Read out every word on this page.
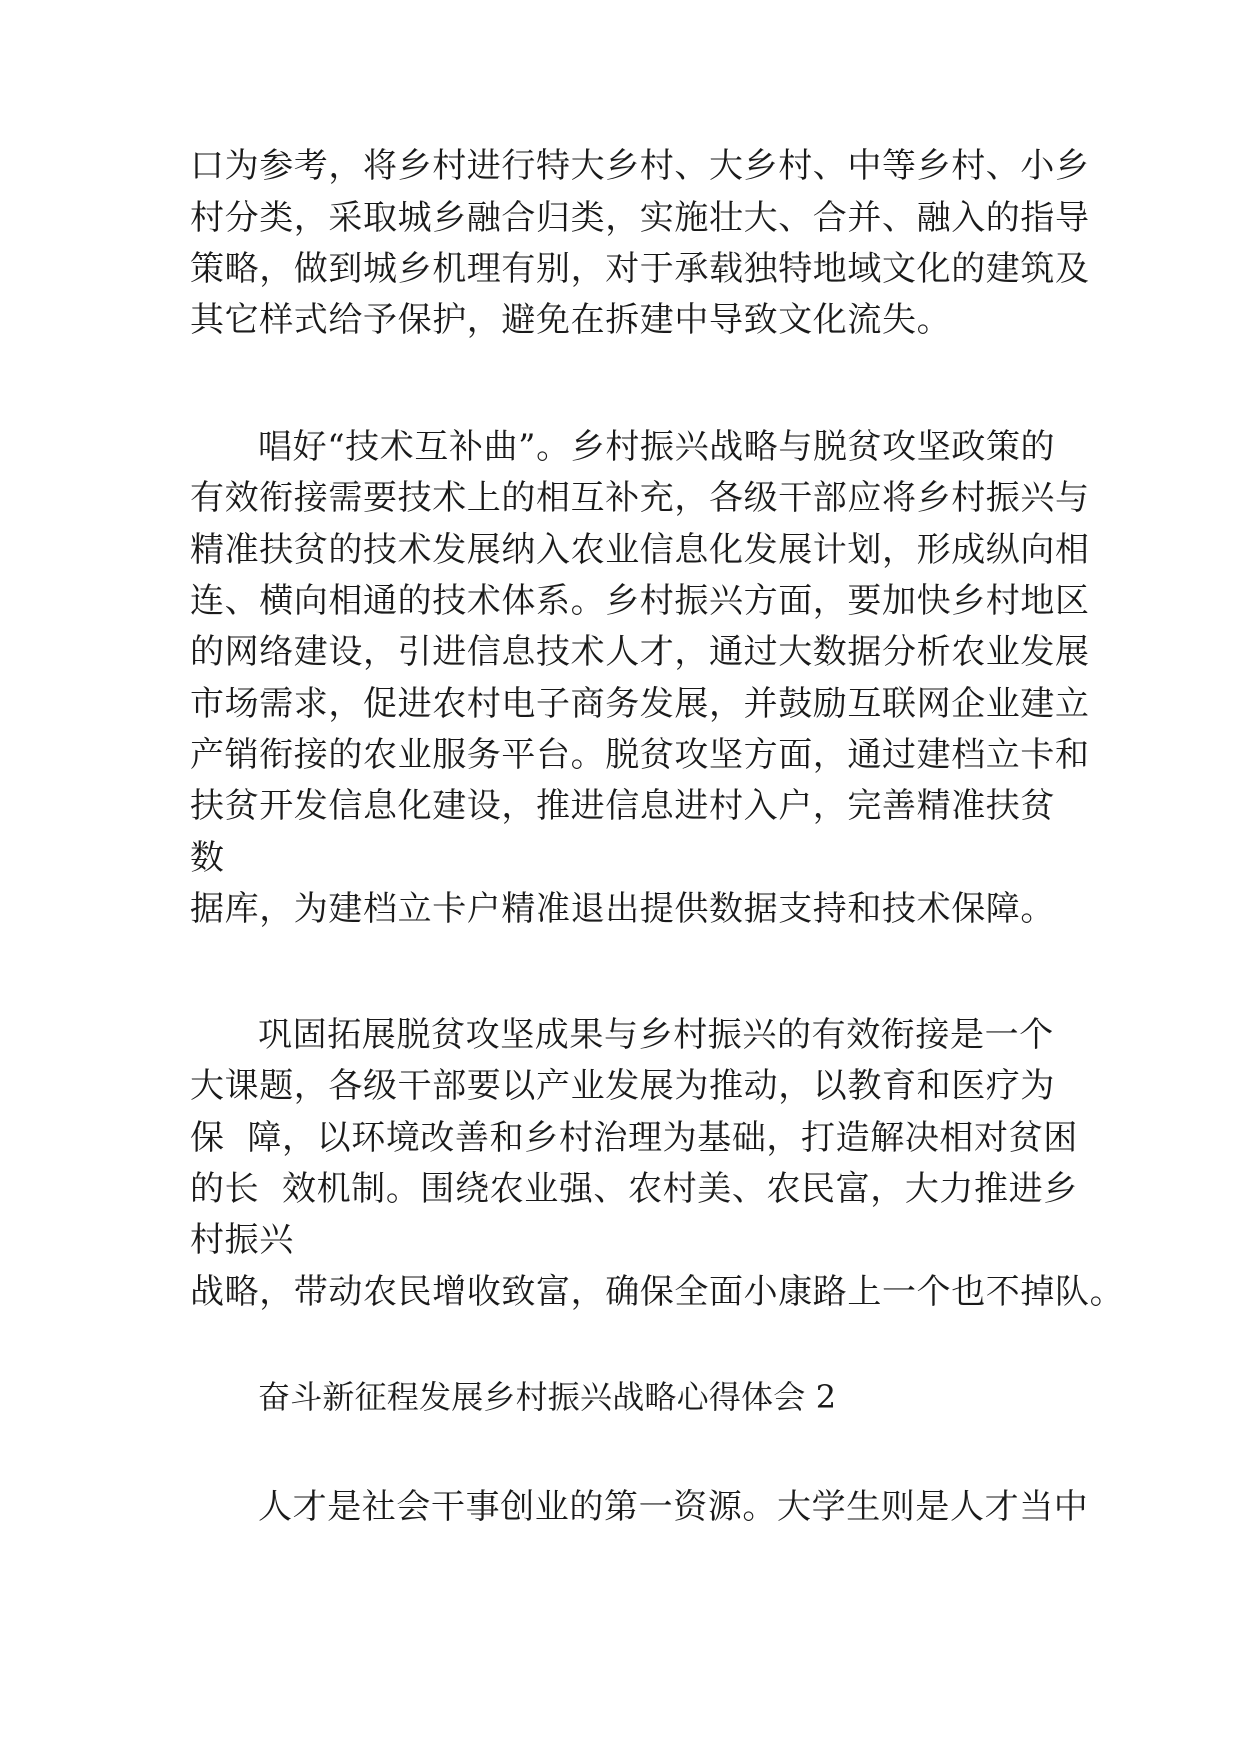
口为参考，将乡村进行特大乡村、大乡村、中等乡村、小乡
村分类，采取城乡融合归类，实施壮大、合并、融入的指导
策略，做到城乡机理有别，对于承载独特地域文化的建筑及
其它样式给予保护，避免在拆建中导致文化流失。
唱好“技术互补曲”。乡村振兴战略与脱贫攻坚政策的
有效衔接需要技术上的相互补充，各级干部应将乡村振兴与
精准扶贫的技术发展纳入农业信息化发展计划，形成纵向相
连、横向相通的技术体系。乡村振兴方面，要加快乡村地区
的网络建设，引进信息技术人才，通过大数据分析农业发展
市场需求，促进农村电子商务发展，并鼓励互联网企业建立
产销衔接的农业服务平台。脱贫攻坚方面，通过建档立卡和
扶贫开发信息化建设，推进信息进村入户，完善精准扶贫
数
据库，为建档立卡户精准退出提供数据支持和技术保障。
巩固拓展脱贫攻坚成果与乡村振兴的有效衔接是一个
大课题，各级干部要以产业发展为推动，以教育和医疗为
保  障，以环境改善和乡村治理为基础，打造解决相对贫困
的长  效机制。围绕农业强、农村美、农民富，大力推进乡
村振兴
战略，带动农民增收致富，确保全面小康路上一个也不掉队。
奋斗新征程发展乡村振兴战略心得体会 2
人才是社会干事创业的第一资源。大学生则是人才当中
